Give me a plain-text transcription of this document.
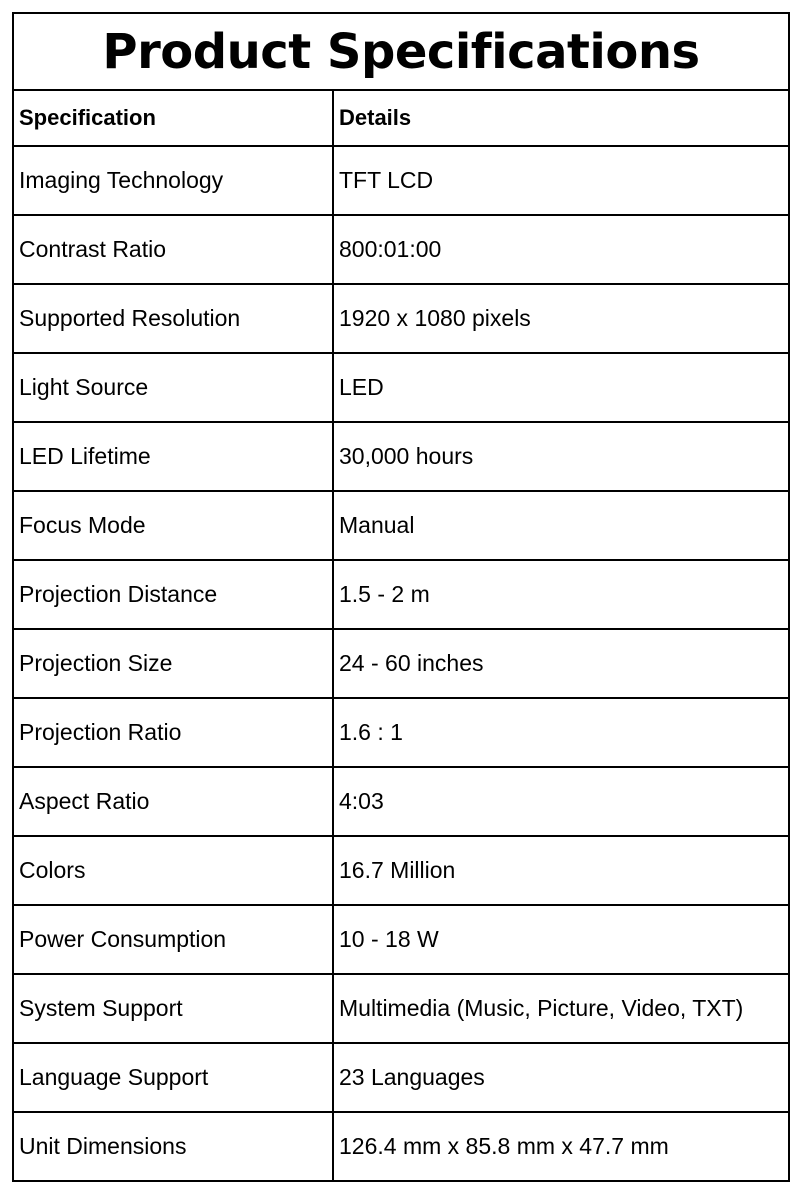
Product Specifications	
Specification	Details
Imaging Technology	TFT LCD
Contrast Ratio	800:01:00
Supported Resolution	1920 x 1080 pixels
Light Source	LED
LED Lifetime	30,000 hours
Focus Mode	Manual
Projection Distance	1.5 - 2 m
Projection Size	24 - 60 inches
Projection Ratio	1.6 : 1
Aspect Ratio	4:03
Colors	16.7 Million
Power Consumption	10 - 18 W
System Support	Multimedia (Music, Picture, Video, TXT)
Language Support	23 Languages
Unit Dimensions	126.4 mm x 85.8 mm x 47.7 mm
